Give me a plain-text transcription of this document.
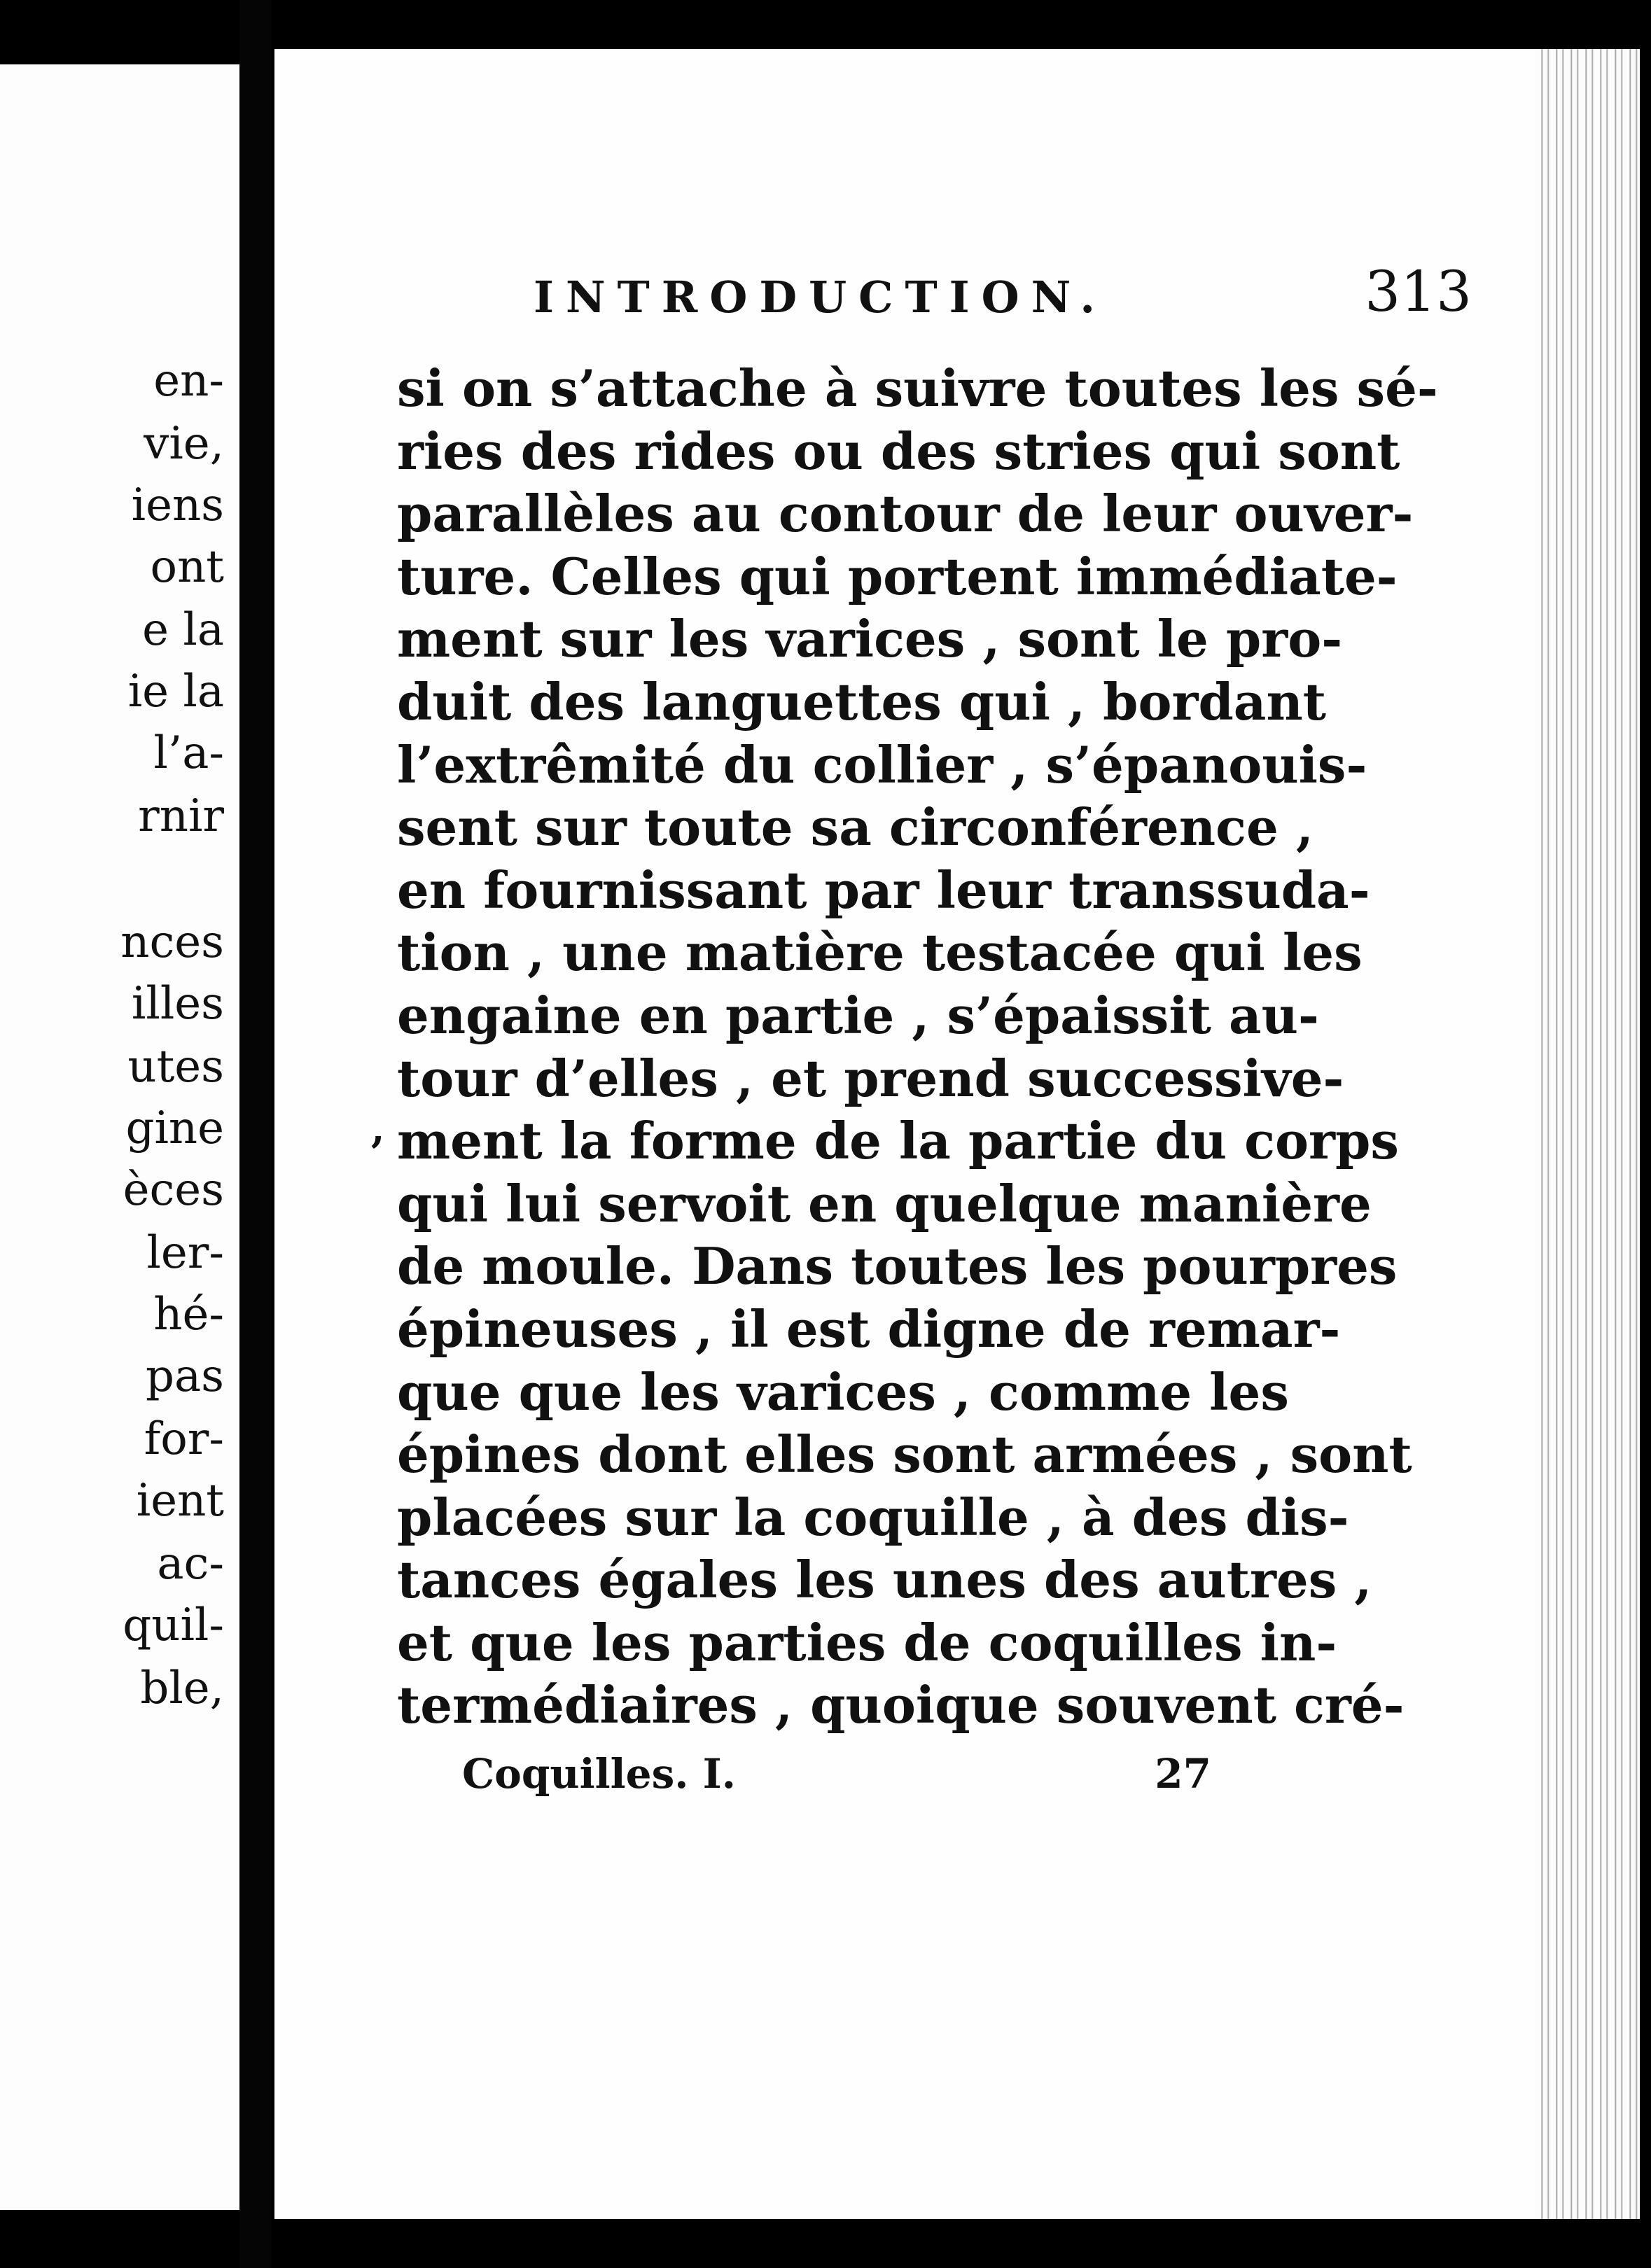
en-
vie,
iens
ont
e la
ie la
l’a-
rnir
nces
illes
utes
gine
èces
ler-
hé-
pas
for-
ient
ac-
quil-
ble,
INTRODUCTION.	313
,
si on s’attache à suivre toutes les sé-
ries des rides ou des stries qui sont
parallèles au contour de leur ouver-
ture. Celles qui portent immédiate-
ment sur les varices , sont le pro-
duit des languettes qui , bordant
l’extrêmité du collier , s’épanouis-
sent sur toute sa circonférence ,
en fournissant par leur transsuda-
tion , une matière testacée qui les
engaine en partie , s’épaissit au-
tour d’elles , et prend successive-
ment la forme de la partie du corps
qui lui servoit en quelque manière
de moule. Dans toutes les pourpres
épineuses , il est digne de remar-
que que les varices , comme les
épines dont elles sont armées , sont
placées sur la coquille , à des dis-
tances égales les unes des autres ,
et que les parties de coquilles in-
termédiaires , quoique souvent cré-
Coquilles. I.	27
